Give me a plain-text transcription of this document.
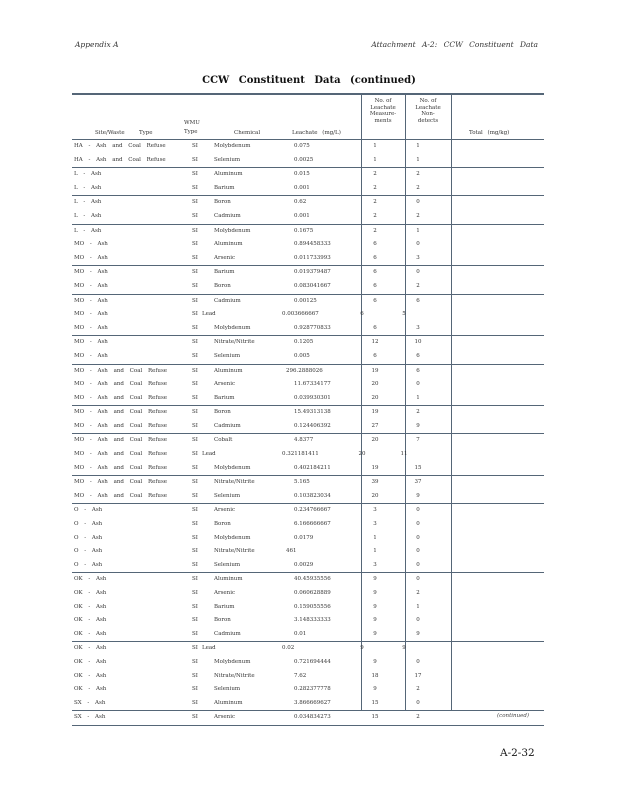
Appendix A	Attachment A-2: CCW Constituent Data
CCW Constituent Data (continued)
Site/Waste	Type
WMU
Type	Chemical	Leachate (mg/L)
No. of
Leachate
Measure-
ments
No. of
Leachate
Non-
detects
Total (mg/kg)
HA - Ash and Coal Refuse	SI	Molybdenum	0.075	1	1
HA - Ash and Coal Refuse	SI	Selenium	0.0025	1	1
L - Ash	SI	Aluminum	0.015	2	2
L - Ash	SI	Barium	0.001	2	2
L - Ash	SI	Boron	0.62	2	0
L - Ash	SI	Cadmium	0.001	2	2
L - Ash	SI	Molybdenum	0.1675	2	1
MO - Ash	SI	Aluminum	0.894458333	6	0
MO - Ash	SI	Arsenic	0.011733993	6	3
MO - Ash	SI	Barium	0.019379487	6	0
MO - Ash	SI	Boron	0.083041667	6	2
MO - Ash	SI	Cadmium	0.00125	6	6
MO - Ash	SI Lead	0.003666667	6	5
MO - Ash	SI	Molybdenum	0.928770833	6	3
MO - Ash	SI	Nitrate/Nitrite	0.1205	12	10
MO - Ash	SI	Selenium	0.005	6	6
MO - Ash and Coal Refuse	SI	Aluminum	296.2888026	19	6
MO - Ash and Coal Refuse	SI	Arsenic	11.67334177	20	0
MO - Ash and Coal Refuse	SI	Barium	0.039930301	20	1
MO - Ash and Coal Refuse	SI	Boron	15.49313138	19	2
MO - Ash and Coal Refuse	SI	Cadmium	0.124406392	27	9
MO - Ash and Coal Refuse	SI	Cobalt	4.8377	20	7
MO - Ash and Coal Refuse	SI Lead	0.321181411	20	11
MO - Ash and Coal Refuse	SI	Molybdenum	0.402184211	19	15
MO - Ash and Coal Refuse	SI	Nitrate/Nitrite	5.165	39	37
MO - Ash and Coal Refuse	SI	Selenium	0.103823034	20	9
O - Ash	SI	Arsenic	0.234766667	3	0
O - Ash	SI	Boron	6.166666667	3	0
O - Ash	SI	Molybdenum	0.0179	1	0
O - Ash	SI	Nitrate/Nitrite	461	1	0
O - Ash	SI	Selenium	0.0029	3	0
OK - Ash	SI	Aluminum	40.45935556	9	0
OK - Ash	SI	Arsenic	0.060628889	9	2
OK - Ash	SI	Barium	0.159055556	9	1
OK - Ash	SI	Boron	3.148333333	9	0
OK - Ash	SI	Cadmium	0.01	9	9
OK - Ash	SI Lead	0.02	9	9
OK - Ash	SI	Molybdenum	0.721694444	9	0
OK - Ash	SI	Nitrate/Nitrite	7.62	18	17
OK - Ash	SI	Selenium	0.282377778	9	2
SX - Ash	SI	Aluminum	3.866669627	15	0
SX - Ash	SI	Arsenic	0.034834273	15	2	(continued)
A-2-32
